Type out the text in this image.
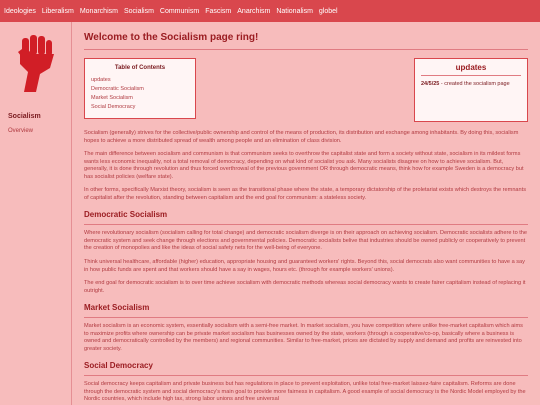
Ideologies Liberalism Monarchism Socialism Communism Fascism Anarchism Nationalism globel
Socialism
Overview
Welcome to the Socialism page ring!
Table of Contents
updates
Democratic Socialism
Market Socialism
Social Democracy
updates
24/5/25 - created the socialism page

Socialism (generally) strives for the collective/public ownership and control of the means of production, its distribution and exchange among inhabitants. By doing this, socialism hopes to achieve a more distributed spread of wealth among people and an elimination of class division.

The main difference between socialism and communism is that communism seeks to overthrow the capitalist state and form a society without state, socialism in its mildest forms wants less economic inequality, not a total removal of democracy, depending on what kind of socialist you ask. Many socialists disagree on how to achieve socialism. But, generally, it is done through revolution and thus forced overthrowal of the previous government OR through democratic means, think how for example Sweden is a democracy but has socialist policies (welfare state).

In other forms, specifically Marxist theory, socialism is seen as the transitional phase where the state, a temporary dictatorship of the proletariat exists which destroys the remnants of capitalist after the revolution, standing between capitalism and the end goal for communism: a stateless society.

Democratic Socialism

Where revolutionary socialism (socialism calling for total change) and democratic socialism diverge is on their approach on achieving socialism. Democratic socialists adhere to the democratic system and seek change through elections and governmental policies. Democratic socialists belive that industries should be owned publicly or cooperatively to prevent the creation of monopolies and like the ideas of social safety nets for the well-being of everyone.

Think universal healthcare, affordable (higher) education, appropriate housing and guaranteed workers' rights. Beyond this, social democrats also want communities to have a say in how public funds are spent and that workers should have a say in wages, hours etc. (through for example workers' unions).

The end goal for democratic socialism is to over time achieve socialism with democratic methods whereas social democracy wants to create fairer capitalism instead of replacing it outright.

Market Socialism

Market socialism is an economic system, essentially socialism with a semi-free market. In market socialism, you have competition where unlike free-market capitalism which aims to maximize profits where ownership can be private market socialism has businesses owned by the state, workers (through a cooperative/co-op, basically where a business is owned and democratically controlled by the members) and regional communities. Similar to free-market, prices are dictated by supply and demand and profits are reinvested into greater society.

Social Democracy

Social democracy keeps capitalism and private business but has regulations in place to prevent exploitation, unlike total free-market laissez-faire capitalism. Reforms are done through the democratic system and social democracy's main goal to provide more fairness in capitalism. A good example of social democracy is the Nordic Model employed by the Nordic countries, which include high tax, strong labor unions and free universal
